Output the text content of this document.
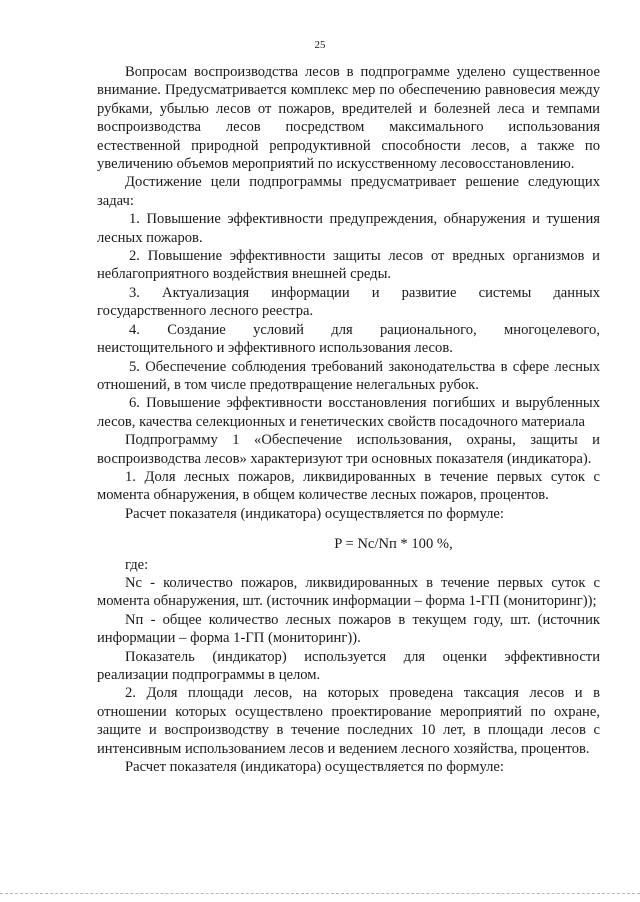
25

Вопросам воспроизводства лесов в подпрограмме уделено существенное внимание. Предусматривается комплекс мер по обеспечению равновесия между рубками, убылью лесов от пожаров, вредителей и болезней леса и темпами воспроизводства лесов посредством максимального использования естественной природной репродуктивной способности лесов, а также по увеличению объемов мероприятий по искусственному лесовосстановлению.

Достижение цели подпрограммы предусматривает решение следующих задач:

1. Повышение эффективности предупреждения, обнаружения и тушения лесных пожаров.

2. Повышение эффективности защиты лесов от вредных организмов и неблагоприятного воздействия внешней среды.

3. Актуализация информации и развитие системы данных государственного лесного реестра.

4. Создание условий для рационального, многоцелевого, неистощительного и эффективного использования лесов.

5. Обеспечение соблюдения требований законодательства в сфере лесных отношений, в том числе предотвращение нелегальных рубок.

6. Повышение эффективности восстановления погибших и вырубленных лесов, качества селекционных и генетических свойств посадочного материала

Подпрограмму 1 «Обеспечение использования, охраны, защиты и воспроизводства лесов» характеризуют три основных показателя (индикатора).

1. Доля лесных пожаров, ликвидированных в течение первых суток с момента обнаружения, в общем количестве лесных пожаров, процентов.

Расчет показателя (индикатора) осуществляется по формуле:

P = Nс/Nп * 100 %,

где:

Nс - количество пожаров, ликвидированных в течение первых суток с момента обнаружения, шт. (источник информации – форма 1-ГП (мониторинг));

Nп - общее количество лесных пожаров в текущем году, шт. (источник информации – форма 1-ГП (мониторинг)).

Показатель (индикатор) используется для оценки эффективности реализации подпрограммы в целом.

2. Доля площади лесов, на которых проведена таксация лесов и в отношении которых осуществлено проектирование мероприятий по охране, защите и воспроизводству в течение последних 10 лет, в площади лесов с интенсивным использованием лесов и ведением лесного хозяйства, процентов.

Расчет показателя (индикатора) осуществляется по формуле:
